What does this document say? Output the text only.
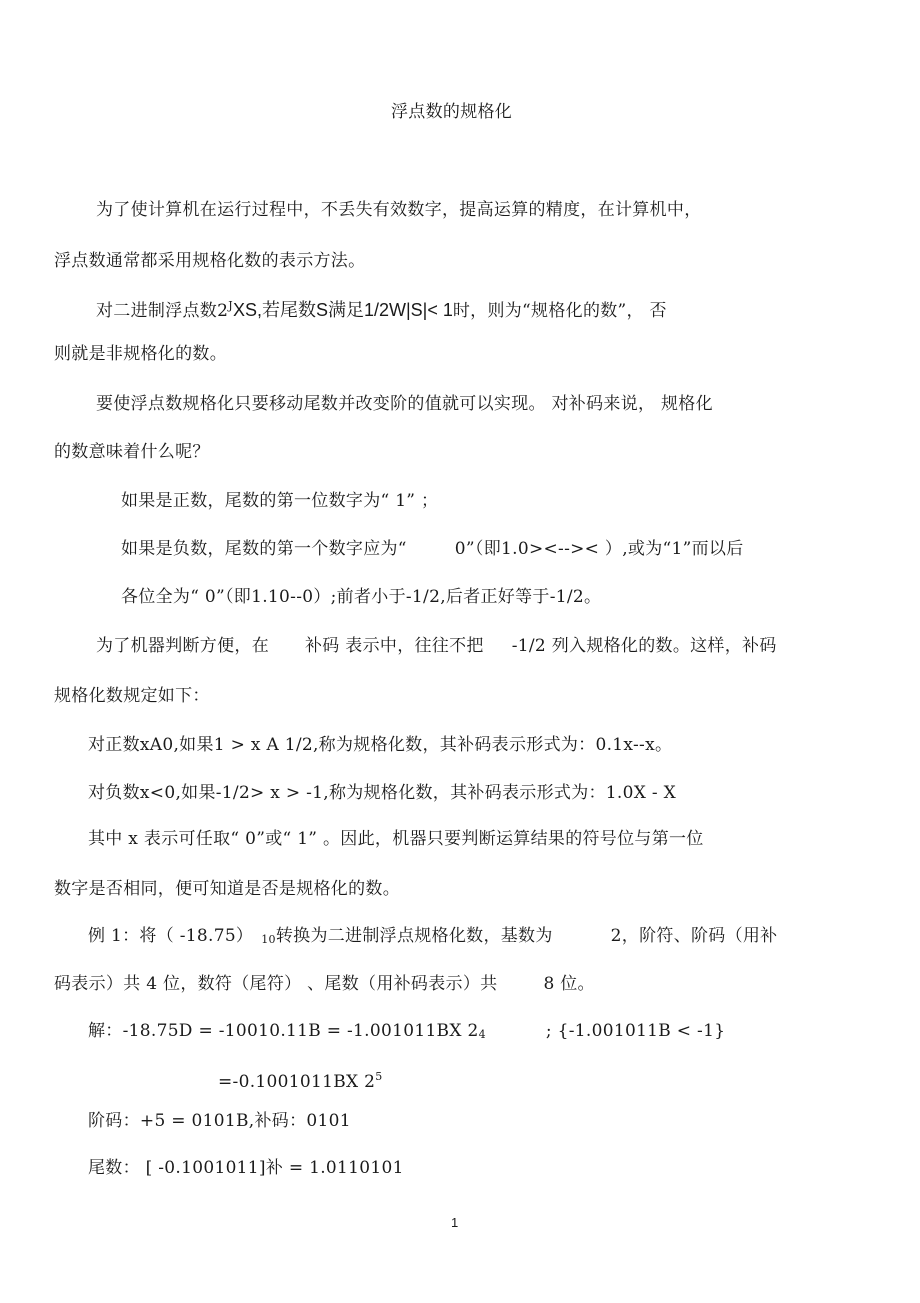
浮点数的规格化
为了使计算机在运行过程中，不丢失有效数字，提高运算的精度，在计算机中，
浮点数通常都采用规格化数的表示方法。
对二进制浮点数$2^JXS$,若尾数S满足1/2W|S|< 1时，则为“规格化的数”， 否
则就是非规格化的数。
要使浮点数规格化只要移动尾数并改变阶的值就可以实现。 对补码来说， 规格化
的数意味着什么呢？
如果是正数，尾数的第一位数字为“ 1” ；
如果是负数，尾数的第一个数字应为“	0”（即1.0><-->< ）,或为“1”而以后
各位全为“ 0”（即1.10--0）;前者小于-1/2,后者正好等于-1/2。
为了机器判断方便，在 补码 表示中，往往不把 -1/2 列入规格化的数。这样，补码
规格化数规定如下：
对正数xA0,如果1 > x A 1/2,称为规格化数，其补码表示形式为：0.1x--x。
对负数x<0,如果-1/2> x > -1,称为规格化数，其补码表示形式为：1.0X - X
其中 x 表示可任取“ 0”或“ 1” 。因此，机器只要判断运算结果的符号位与第一位
数字是否相同，便可知道是否是规格化的数。
例 1：将（ -18.75） 10转换为二进制浮点规格化数，基数为	2，阶符、阶码（用补
码表示）共 4 位，数符（尾符） 、尾数（用补码表示）共	8 位。
解：-18.75D = -10010.11B = -1.001011BX 24	; {-1.001011B < -1}
=-0.1001011BX $2^5$
阶码：+5 = 0101B,补码：0101
尾数： [ -0.1001011]补 = 1.0110101
1
